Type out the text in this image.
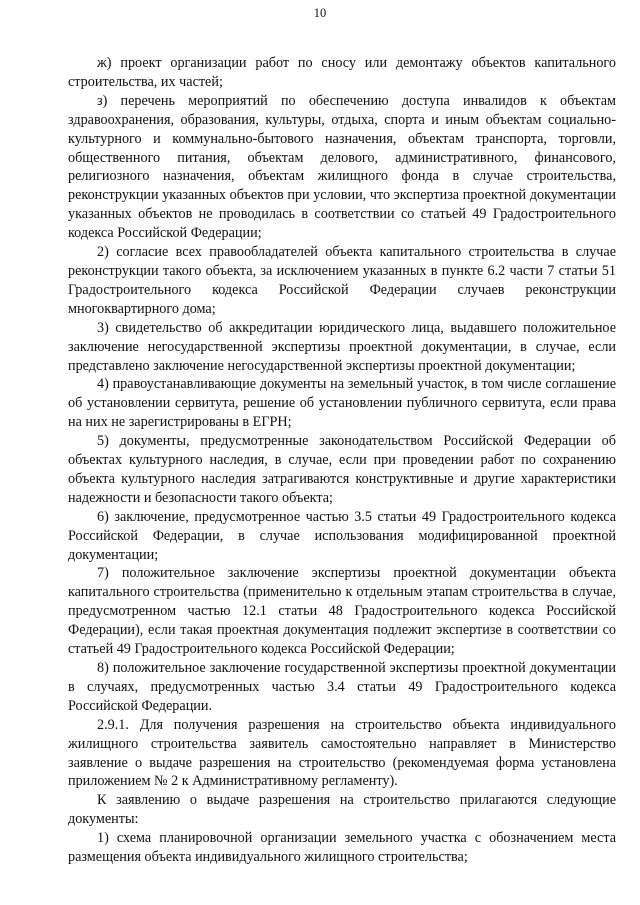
10

ж) проект организации работ по сносу или демонтажу объектов капитального строительства, их частей;

з) перечень мероприятий по обеспечению доступа инвалидов к объектам здравоохранения, образования, культуры, отдыха, спорта и иным объектам социально-культурного и коммунально-бытового назначения, объектам транспорта, торговли, общественного питания, объектам делового, административного, финансового, религиозного назначения, объектам жилищного фонда в случае строительства, реконструкции указанных объектов при условии, что экспертиза проектной документации указанных объектов не проводилась в соответствии со статьей 49 Градостроительного кодекса Российской Федерации;

2) согласие всех правообладателей объекта капитального строительства в случае реконструкции такого объекта, за исключением указанных в пункте 6.2 части 7 статьи 51 Градостроительного кодекса Российской Федерации случаев реконструкции многоквартирного дома;

3) свидетельство об аккредитации юридического лица, выдавшего положительное заключение негосударственной экспертизы проектной документации, в случае, если представлено заключение негосударственной экспертизы проектной документации;

4) правоустанавливающие документы на земельный участок, в том числе соглашение об установлении сервитута, решение об установлении публичного сервитута, если права на них не зарегистрированы в ЕГРН;

5) документы, предусмотренные законодательством Российской Федерации об объектах культурного наследия, в случае, если при проведении работ по сохранению объекта культурного наследия затрагиваются конструктивные и другие характеристики надежности и безопасности такого объекта;

6) заключение, предусмотренное частью 3.5 статьи 49 Градостроительного кодекса Российской Федерации, в случае использования модифицированной проектной документации;

7) положительное заключение экспертизы проектной документации объекта капитального строительства (применительно к отдельным этапам строительства в случае, предусмотренном частью 12.1 статьи 48 Градостроительного кодекса Российской Федерации), если такая проектная документация подлежит экспертизе в соответствии со статьей 49 Градостроительного кодекса Российской Федерации;

8) положительное заключение государственной экспертизы проектной документации в случаях, предусмотренных частью 3.4 статьи 49 Градостроительного кодекса Российской Федерации.

2.9.1. Для получения разрешения на строительство объекта индивидуального жилищного строительства заявитель самостоятельно направляет в Министерство заявление о выдаче разрешения на строительство (рекомендуемая форма установлена приложением № 2 к Административному регламенту).

К заявлению о выдаче разрешения на строительство прилагаются следующие документы:

1) схема планировочной организации земельного участка с обозначением места размещения объекта индивидуального жилищного строительства;
